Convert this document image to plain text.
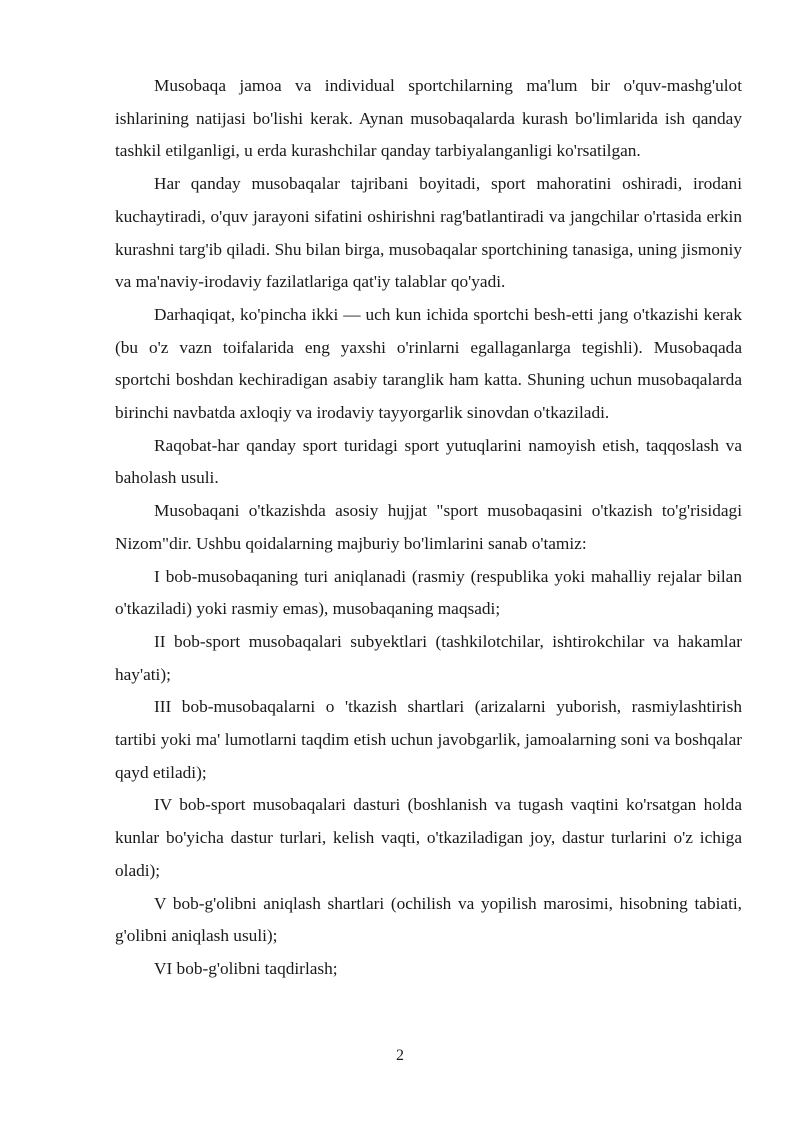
Musobaqa jamoa va individual sportchilarning ma'lum bir o'quv-mashg'ulot ishlarining natijasi bo'lishi kerak. Aynan musobaqalarda kurash bo'limlarida ish qanday tashkil etilganligi, u erda kurashchilar qanday tarbiyalanganligi ko'rsatilgan.

Har qanday musobaqalar tajribani boyitadi, sport mahoratini oshiradi, irodani kuchaytiradi, o'quv jarayoni sifatini oshirishni rag'batlantiradi va jangchilar o'rtasida erkin kurashni targ'ib qiladi. Shu bilan birga, musobaqalar sportchining tanasiga, uning jismoniy va ma'naviy-irodaviy fazilatlariga qat'iy talablar qo'yadi.

Darhaqiqat, ko'pincha ikki — uch kun ichida sportchi besh-etti jang o'tkazishi kerak (bu o'z vazn toifalarida eng yaxshi o'rinlarni egallaganlarga tegishli). Musobaqada sportchi boshdan kechiradigan asabiy taranglik ham katta. Shuning uchun musobaqalarda birinchi navbatda axloqiy va irodaviy tayyorgarlik sinovdan o'tkaziladi.

Raqobat-har qanday sport turidagi sport yutuqlarini namoyish etish, taqqoslash va baholash usuli.

Musobaqani o'tkazishda asosiy hujjat "sport musobaqasini o'tkazish to'g'risidagi Nizom"dir. Ushbu qoidalarning majburiy bo'limlarini sanab o'tamiz:

I bob-musobaqaning turi aniqlanadi (rasmiy (respublika yoki mahalliy rejalar bilan o'tkaziladi) yoki rasmiy emas), musobaqaning maqsadi;

II bob-sport musobaqalari subyektlari (tashkilotchilar, ishtirokchilar va hakamlar hay'ati);

III bob-musobaqalarni o 'tkazish shartlari (arizalarni yuborish, rasmiylashtirish tartibi yoki ma' lumotlarni taqdim etish uchun javobgarlik, jamoalarning soni va boshqalar qayd etiladi);

IV bob-sport musobaqalari dasturi (boshlanish va tugash vaqtini ko'rsatgan holda kunlar bo'yicha dastur turlari, kelish vaqti, o'tkaziladigan joy, dastur turlarini o'z ichiga oladi);

V bob-g'olibni aniqlash shartlari (ochilish va yopilish marosimi, hisobning tabiati, g'olibni aniqlash usuli);

VI bob-g'olibni taqdirlash;

2
